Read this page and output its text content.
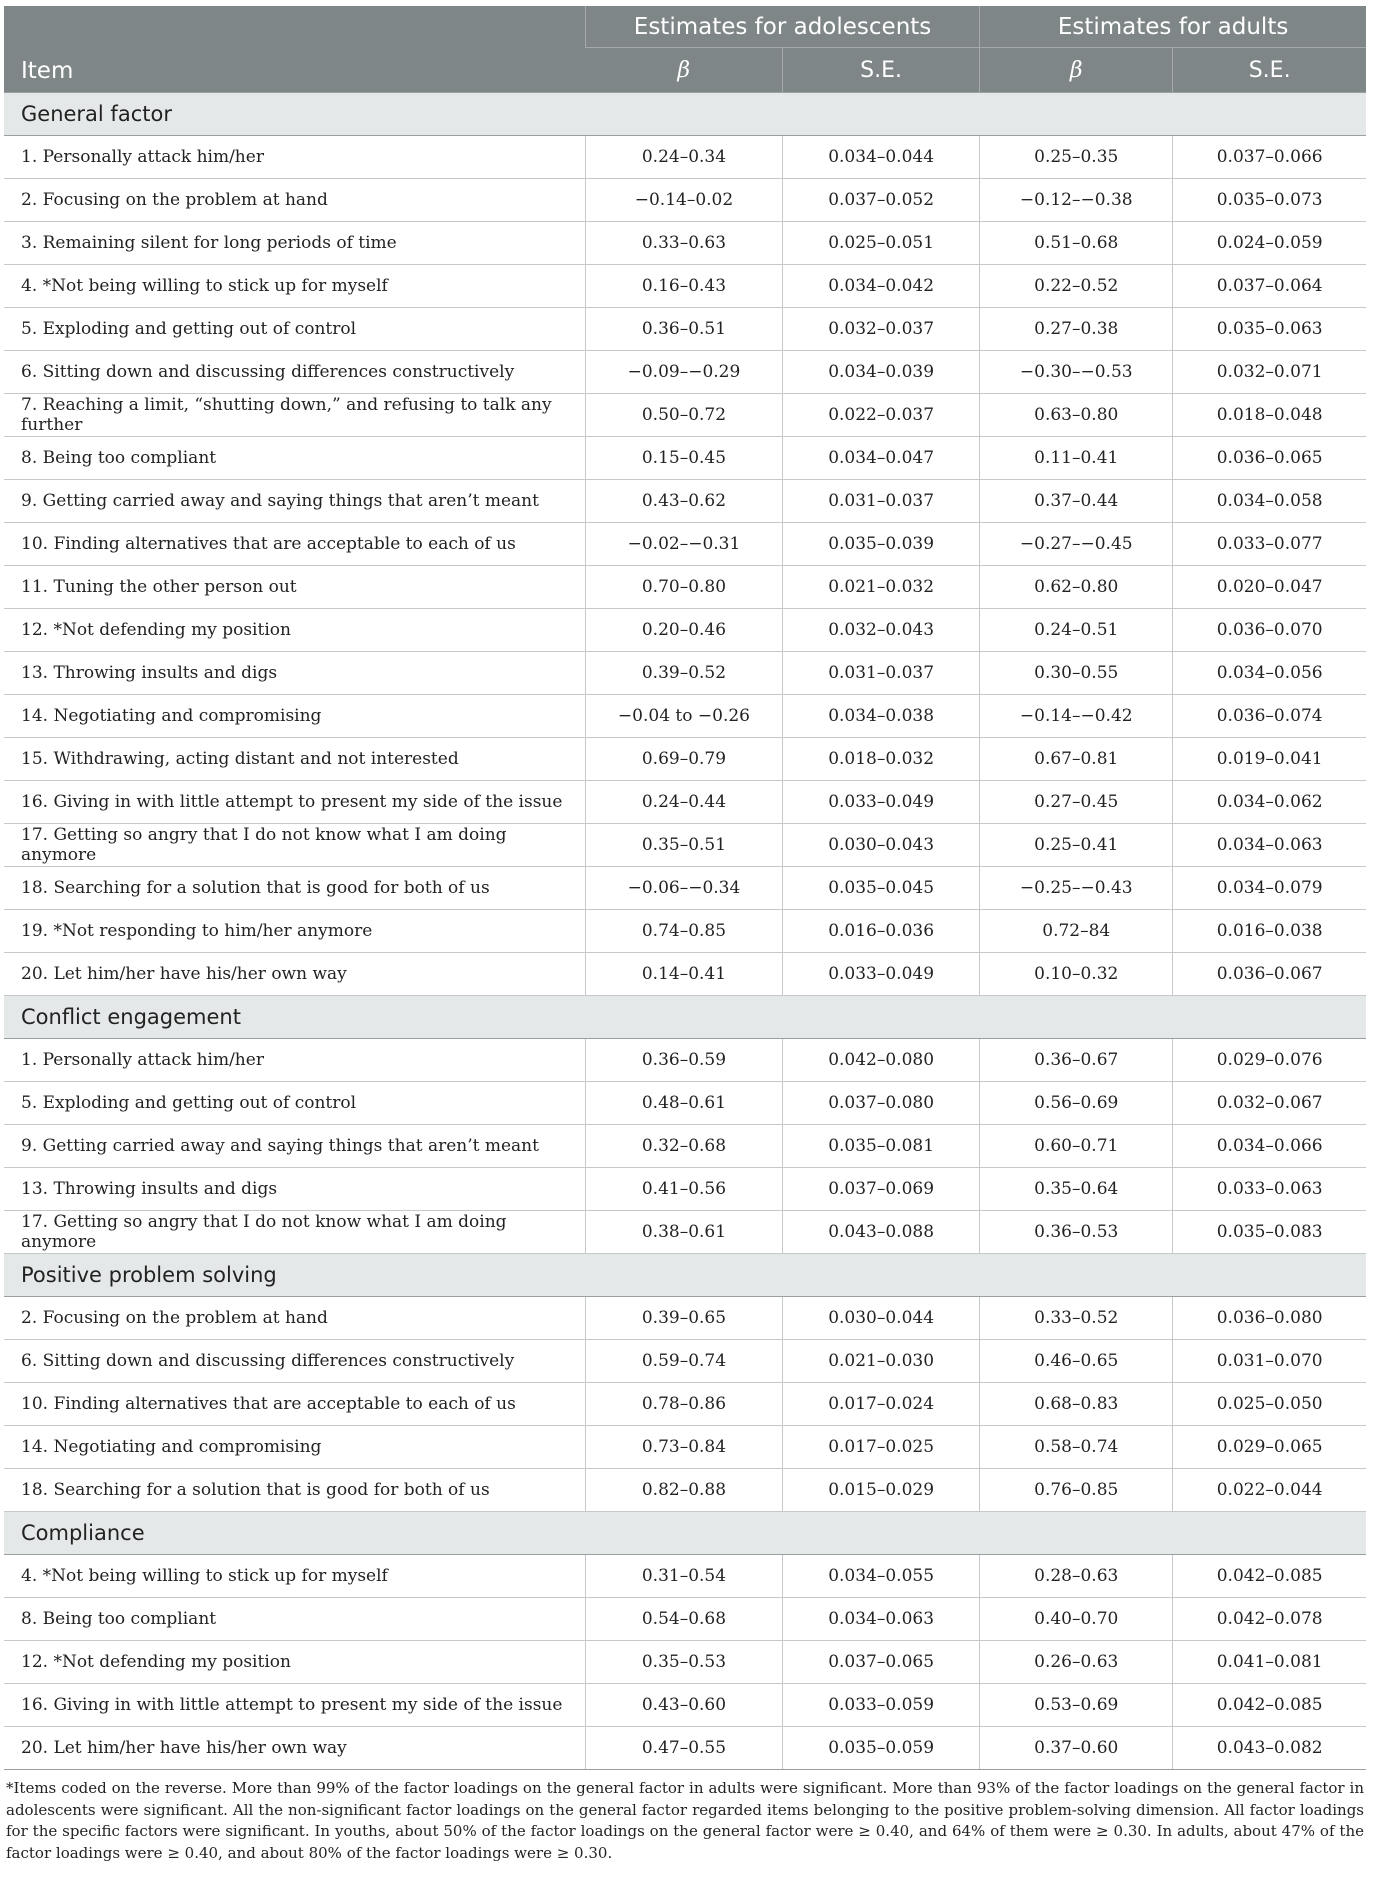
Item	Estimates for adolescents		Estimates for adults	
	β	S.E.	β	S.E.
General factor				
1. Personally attack him/her	0.24–0.34	0.034–0.044	0.25–0.35	0.037–0.066
2. Focusing on the problem at hand	−0.14–0.02	0.037–0.052	−0.12–−0.38	0.035–0.073
3. Remaining silent for long periods of time	0.33–0.63	0.025–0.051	0.51–0.68	0.024–0.059
4. *Not being willing to stick up for myself	0.16–0.43	0.034–0.042	0.22–0.52	0.037–0.064
5. Exploding and getting out of control	0.36–0.51	0.032–0.037	0.27–0.38	0.035–0.063
6. Sitting down and discussing differences constructively	−0.09–−0.29	0.034–0.039	−0.30–−0.53	0.032–0.071
7. Reaching a limit, “shutting down,” and refusing to talk any further	0.50–0.72	0.022–0.037	0.63–0.80	0.018–0.048
8. Being too compliant	0.15–0.45	0.034–0.047	0.11–0.41	0.036–0.065
9. Getting carried away and saying things that aren’t meant	0.43–0.62	0.031–0.037	0.37–0.44	0.034–0.058
10. Finding alternatives that are acceptable to each of us	−0.02–−0.31	0.035–0.039	−0.27–−0.45	0.033–0.077
11. Tuning the other person out	0.70–0.80	0.021–0.032	0.62–0.80	0.020–0.047
12. *Not defending my position	0.20–0.46	0.032–0.043	0.24–0.51	0.036–0.070
13. Throwing insults and digs	0.39–0.52	0.031–0.037	0.30–0.55	0.034–0.056
14. Negotiating and compromising	−0.04 to −0.26	0.034–0.038	−0.14–−0.42	0.036–0.074
15. Withdrawing, acting distant and not interested	0.69–0.79	0.018–0.032	0.67–0.81	0.019–0.041
16. Giving in with little attempt to present my side of the issue	0.24–0.44	0.033–0.049	0.27–0.45	0.034–0.062
17. Getting so angry that I do not know what I am doing anymore	0.35–0.51	0.030–0.043	0.25–0.41	0.034–0.063
18. Searching for a solution that is good for both of us	−0.06–−0.34	0.035–0.045	−0.25–−0.43	0.034–0.079
19. *Not responding to him/her anymore	0.74–0.85	0.016–0.036	0.72–84	0.016–0.038
20. Let him/her have his/her own way	0.14–0.41	0.033–0.049	0.10–0.32	0.036–0.067
Conflict engagement				
1. Personally attack him/her	0.36–0.59	0.042–0.080	0.36–0.67	0.029–0.076
5. Exploding and getting out of control	0.48–0.61	0.037–0.080	0.56–0.69	0.032–0.067
9. Getting carried away and saying things that aren’t meant	0.32–0.68	0.035–0.081	0.60–0.71	0.034–0.066
13. Throwing insults and digs	0.41–0.56	0.037–0.069	0.35–0.64	0.033–0.063
17. Getting so angry that I do not know what I am doing anymore	0.38–0.61	0.043–0.088	0.36–0.53	0.035–0.083
Positive problem solving				
2. Focusing on the problem at hand	0.39–0.65	0.030–0.044	0.33–0.52	0.036–0.080
6. Sitting down and discussing differences constructively	0.59–0.74	0.021–0.030	0.46–0.65	0.031–0.070
10. Finding alternatives that are acceptable to each of us	0.78–0.86	0.017–0.024	0.68–0.83	0.025–0.050
14. Negotiating and compromising	0.73–0.84	0.017–0.025	0.58–0.74	0.029–0.065
18. Searching for a solution that is good for both of us	0.82–0.88	0.015–0.029	0.76–0.85	0.022–0.044
Compliance				
4. *Not being willing to stick up for myself	0.31–0.54	0.034–0.055	0.28–0.63	0.042–0.085
8. Being too compliant	0.54–0.68	0.034–0.063	0.40–0.70	0.042–0.078
12. *Not defending my position	0.35–0.53	0.037–0.065	0.26–0.63	0.041–0.081
16. Giving in with little attempt to present my side of the issue	0.43–0.60	0.033–0.059	0.53–0.69	0.042–0.085
20. Let him/her have his/her own way	0.47–0.55	0.035–0.059	0.37–0.60	0.043–0.082
*Items coded on the reverse. More than 99% of the factor loadings on the general factor in adults were significant. More than 93% of the factor loadings on the general factor in adolescents were significant. All the non-significant factor loadings on the general factor regarded items belonging to the positive problem-solving dimension. All factor loadings for the specific factors were significant. In youths, about 50% of the factor loadings on the general factor were ≥ 0.40, and 64% of them were ≥ 0.30. In adults, about 47% of the factor loadings were ≥ 0.40, and about 80% of the factor loadings were ≥ 0.30.
